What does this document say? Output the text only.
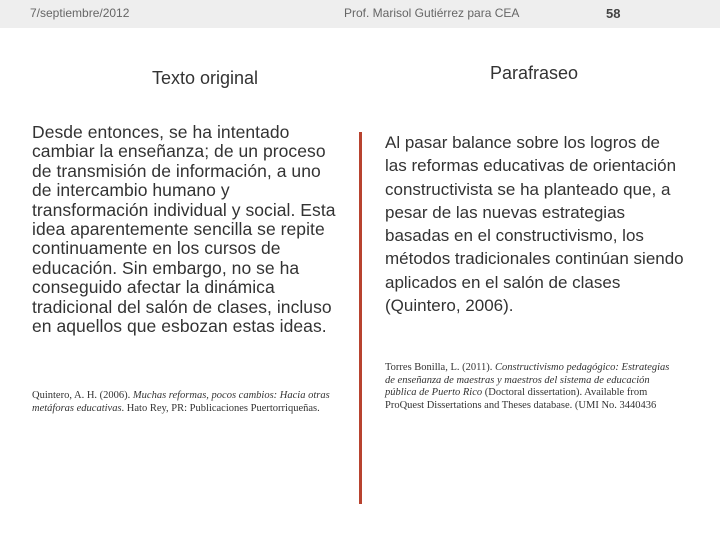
7/septiembre/2012	Prof. Marisol Gutiérrez para CEA	58
Texto original	Parafraseo
Desde entonces, se ha intentado cambiar la enseñanza; de un proceso de transmisión de información, a uno de intercambio humano y transformación individual y social. Esta idea aparentemente sencilla se repite continuamente en los cursos de educación. Sin embargo, no se ha conseguido afectar la dinámica tradicional del salón de clases, incluso en aquellos que esbozan estas ideas.
Al pasar balance sobre los logros de las reformas educativas de orientación constructivista se ha planteado que, a pesar de las nuevas estrategias basadas en el constructivismo, los métodos tradicionales continúan siendo aplicados en el salón de clases (Quintero, 2006).
Quintero, A. H. (2006). Muchas reformas, pocos cambios: Hacia otras metáforas educativas. Hato Rey, PR: Publicaciones Puertorriqueñas.
Torres Bonilla, L. (2011). Constructivismo pedagógico: Estrategias de enseñanza de maestras y maestros del sistema de educación pública de Puerto Rico (Doctoral dissertation). Available from ProQuest Dissertations and Theses database. (UMI No. 3440436
